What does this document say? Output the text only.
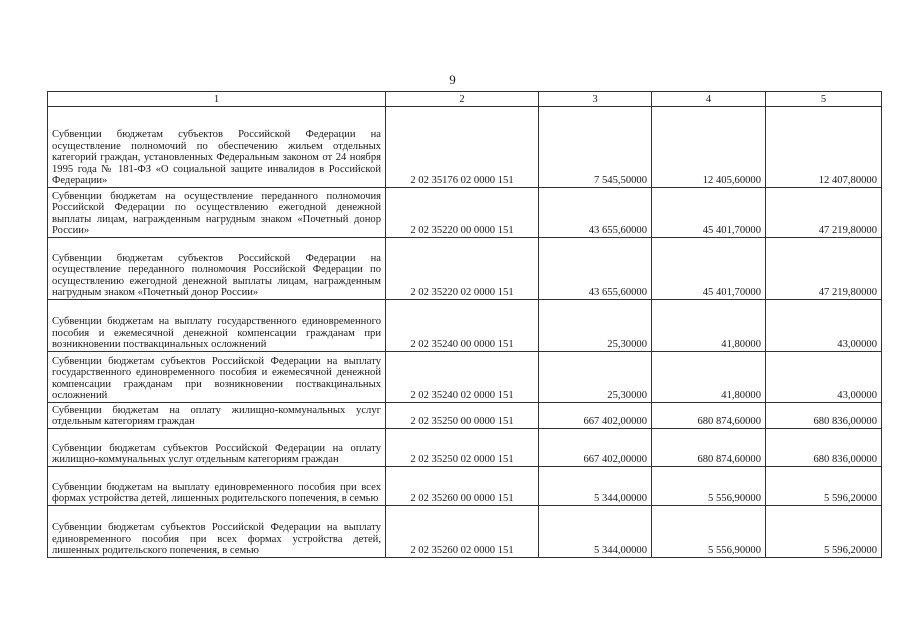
9
1	2	3	4	5
Субвенции бюджетам субъектов Российской Федерации на осуществление полномочий по обеспечению жильем отдельных категорий граждан, установленных Федеральным законом от 24 ноября 1995 года № 181-ФЗ «О социальной защите инвалидов в Российской Федерации»	2 02 35176 02 0000 151	7 545,50000	12 405,60000	12 407,80000
Субвенции бюджетам на осуществление переданного полномочия Российской Федерации по осуществлению ежегодной денежной выплаты лицам, награжденным нагрудным знаком «Почетный донор России»	2 02 35220 00 0000 151	43 655,60000	45 401,70000	47 219,80000
Субвенции бюджетам субъектов Российской Федерации на осуществление переданного полномочия Российской Федерации по осуществлению ежегодной денежной выплаты лицам, награжденным нагрудным знаком «Почетный донор России»	2 02 35220 02 0000 151	43 655,60000	45 401,70000	47 219,80000
Субвенции бюджетам на выплату государственного единовременного пособия и ежемесячной денежной компенсации гражданам при возникновении поствакцинальных осложнений	2 02 35240 00 0000 151	25,30000	41,80000	43,00000
Субвенции бюджетам субъектов Российской Федерации на выплату государственного единовременного пособия и ежемесячной денежной компенсации гражданам при возникновении поствакцинальных осложнений	2 02 35240 02 0000 151	25,30000	41,80000	43,00000
Субвенции бюджетам на оплату жилищно-коммунальных услуг отдельным категориям граждан	2 02 35250 00 0000 151	667 402,00000	680 874,60000	680 836,00000
Субвенции бюджетам субъектов Российской Федерации на оплату жилищно-коммунальных услуг отдельным категориям граждан	2 02 35250 02 0000 151	667 402,00000	680 874,60000	680 836,00000
Субвенции бюджетам на выплату единовременного пособия при всех формах устройства детей, лишенных родительского попечения, в семью	2 02 35260 00 0000 151	5 344,00000	5 556,90000	5 596,20000
Субвенции бюджетам субъектов Российской Федерации на выплату единовременного пособия при всех формах устройства детей, лишенных родительского попечения, в семью	2 02 35260 02 0000 151	5 344,00000	5 556,90000	5 596,20000
